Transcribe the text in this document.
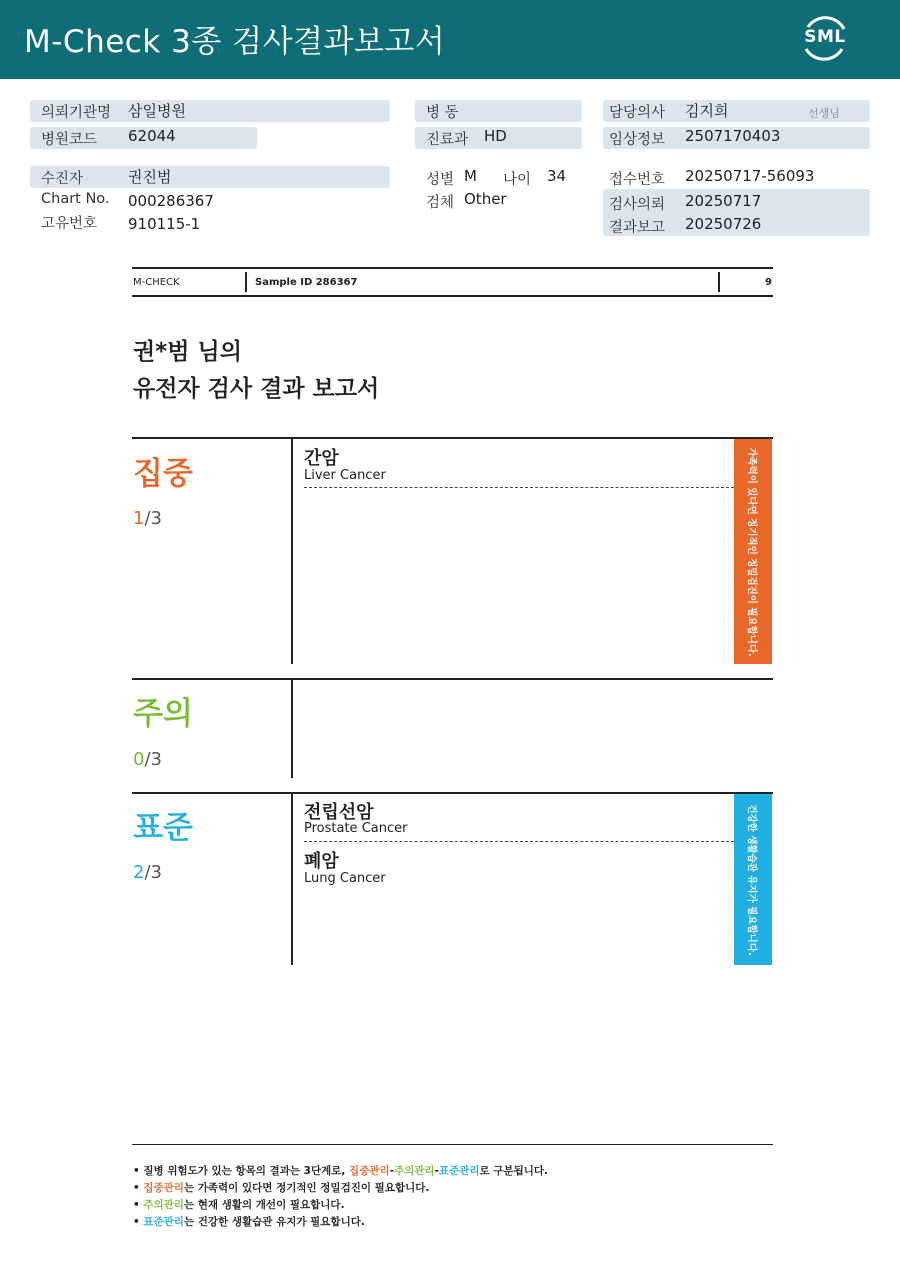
M-Check 3종 검사결과보고서	SML
의뢰기관명 삼일병원
병원코드 62044
수진자	권진범
Chart No. 000286367
고유번호 910115-1
병 동
진료과 HD
성별 M 나이 34
검체 Other
담당의사 김지희	선생님
임상정보 2507170403
접수번호 20250717-56093
검사의뢰 20250717
결과보고 20250726
M-CHECK	Sample ID 286367	9
권*범 님의
유전자 검사 결과 보고서
집중
1/3
간암
Liver Cancer	가족력이 있다면 정기적인 정밀검진이 필요합니다.
주의
0/3
표준
2/3
전립선암
Prostate Cancer
폐암
Lung Cancer	건강한 생활습관 유지가 필요합니다.
• 질병 위험도가 있는 항목의 결과는 3단계로, 집중관리-주의관리-표준관리로 구분됩니다.
• 집중관리는 가족력이 있다면 정기적인 정밀검진이 필요합니다.
• 주의관리는 현재 생활의 개선이 필요합니다.
• 표준관리는 건강한 생활습관 유지가 필요합니다.
